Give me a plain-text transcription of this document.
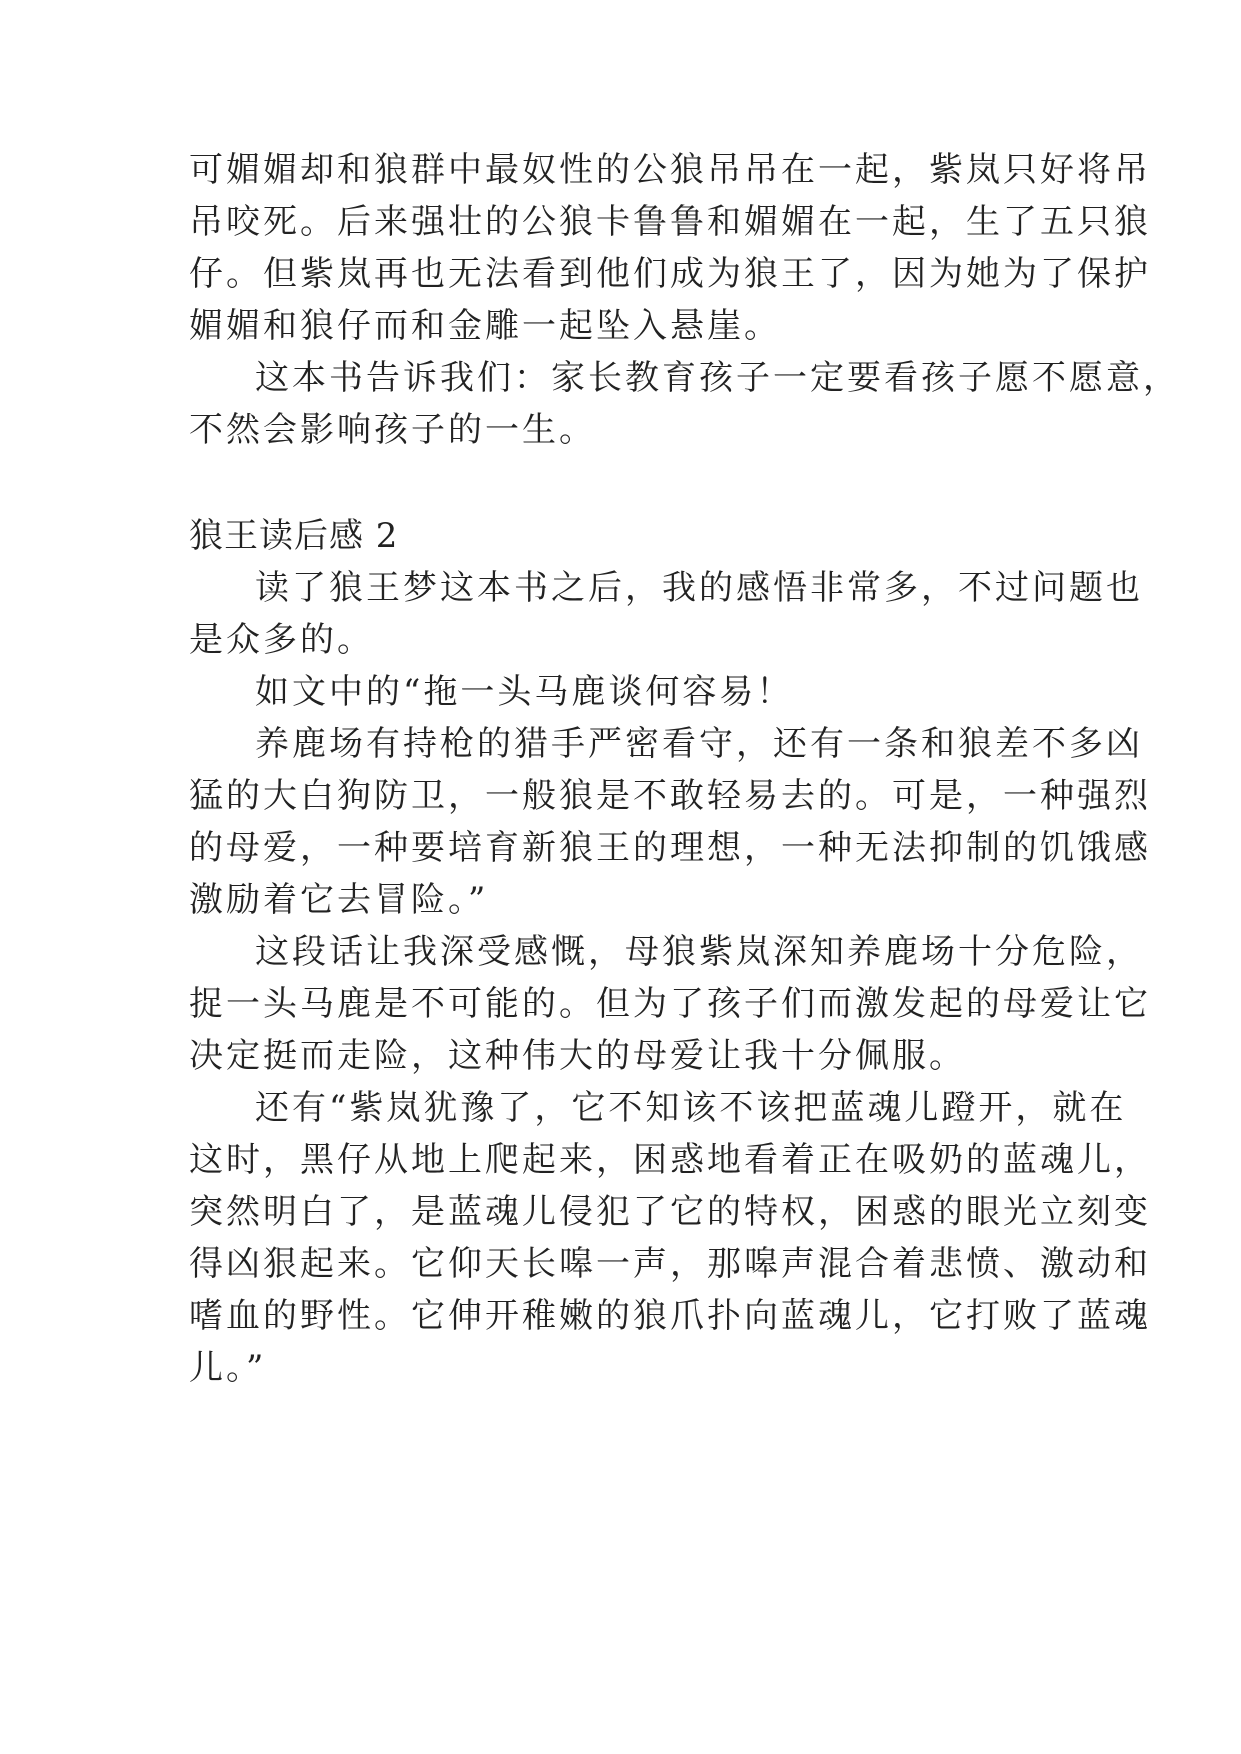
可媚媚却和狼群中最奴性的公狼吊吊在一起，紫岚只好将吊

吊咬死。后来强壮的公狼卡鲁鲁和媚媚在一起，生了五只狼

仔。但紫岚再也无法看到他们成为狼王了，因为她为了保护

媚媚和狼仔而和金雕一起坠入悬崖。

这本书告诉我们：家长教育孩子一定要看孩子愿不愿意，

不然会影响孩子的一生。

狼王读后感 2

读了狼王梦这本书之后，我的感悟非常多，不过问题也

是众多的。

如文中的“拖一头马鹿谈何容易！

养鹿场有持枪的猎手严密看守，还有一条和狼差不多凶

猛的大白狗防卫，一般狼是不敢轻易去的。可是，一种强烈

的母爱，一种要培育新狼王的理想，一种无法抑制的饥饿感

激励着它去冒险。”

这段话让我深受感慨，母狼紫岚深知养鹿场十分危险，

捉一头马鹿是不可能的。但为了孩子们而激发起的母爱让它

决定挺而走险，这种伟大的母爱让我十分佩服。

还有“紫岚犹豫了，它不知该不该把蓝魂儿蹬开，就在

这时，黑仔从地上爬起来，困惑地看着正在吸奶的蓝魂儿，

突然明白了，是蓝魂儿侵犯了它的特权，困惑的眼光立刻变

得凶狠起来。它仰天长嗥一声，那嗥声混合着悲愤、激动和

嗜血的野性。它伸开稚嫩的狼爪扑向蓝魂儿，它打败了蓝魂

儿。”
